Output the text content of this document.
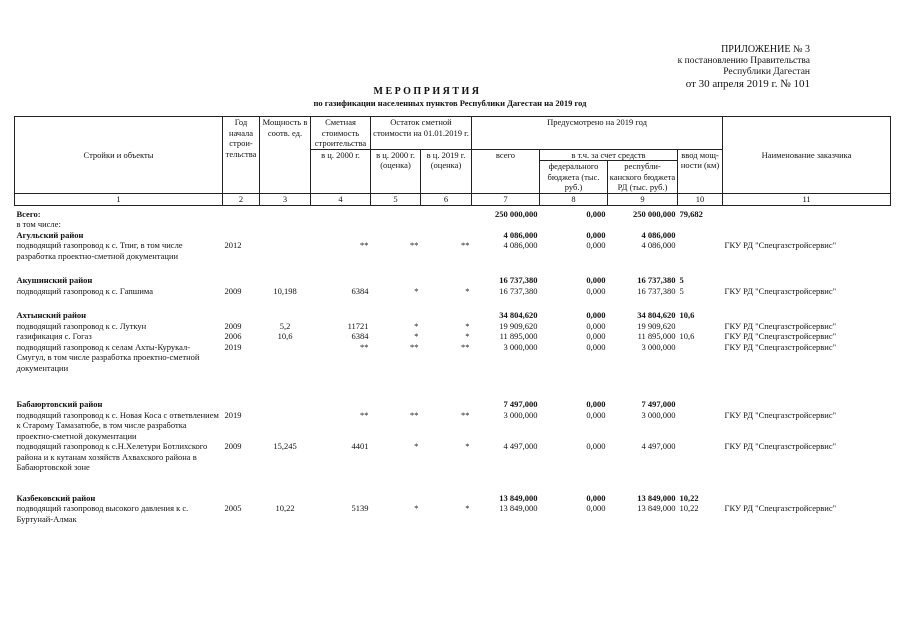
ПРИЛОЖЕНИЕ № 3
к постановлению Правительства
Республики Дагестан
от 30 апреля 2019 г. № 101
МЕРОПРИЯТИЯ
по газификации населенных пунктов Республики Дагестан на 2019 год
Стройки и объекты	Год начала строи-тельства	Мощность в соотв. ед.	Сметная стоимость строительства	Остаток сметной стоимости на 01.01.2019 г.		Предусмотрено на 2019 год				Наименование заказчика
			в ц. 2000 г.	в ц. 2000 г. (оценка)	в ц. 2019 г. (оценка)	всего	в т.ч. за счет средств		ввод мощ-ности (км)	
							федерального бюджета (тыс. руб.)	республи-канского бюджета РД (тыс. руб.)		
1	2	3	4	5	6	7	8	9	10	11

Всего:						250 000,000	0,000	250 000,000	79,682	
в том числе:										
Агульский район						4 086,000	0,000	4 086,000		
подводящий газопровод к с. Тпиг, в том числе разработка проектно-сметной документации	2012		**	**	**	4 086,000	0,000	4 086,000		ГКУ РД "Спецгазстройсервис"

Акушинский район						16 737,380	0,000	16 737,380	5	
подводящий газопровод к с. Гапшима	2009	10,198	6384	*	*	16 737,380	0,000	16 737,380	5	ГКУ РД "Спецгазстройсервис"

Ахтынский район						34 804,620	0,000	34 804,620	10,6	
подводящий газопровод к с. Луткун	2009	5,2	11721	*	*	19 909,620	0,000	19 909,620		ГКУ РД "Спецгазстройсервис"
газификация с. Гогаз	2006	10,6	6384	*	*	11 895,000	0,000	11 895,000	10,6	ГКУ РД "Спецгазстройсервис"
подводящий газопровод к селам Ахты-Курукал- Смугул, в том числе разработка проектно-сметной документации	2019		**	**	**	3 000,000	0,000	3 000,000		ГКУ РД "Спецгазстройсервис"

Бабаюртовский район						7 497,000	0,000	7 497,000		
подводящий газопровод к с. Новая Коса с ответвлением к Старому Тамазатюбе, в том числе разработка проектно-сметной документации	2019		**	**	**	3 000,000	0,000	3 000,000		ГКУ РД "Спецгазстройсервис"
подводящий газопровод к с.Н.Хелетури Ботлихского района и к кутанам хозяйств Ахвахского района в Бабаюртовской зоне	2009	15,245	4401	*	*	4 497,000	0,000	4 497,000		ГКУ РД "Спецгазстройсервис"

Казбековский район						13 849,000	0,000	13 849,000	10,22	
подводящий газопровод высокого давления к с. Буртунай-Алмак	2005	10,22	5139	*	*	13 849,000	0,000	13 849,000	10,22	ГКУ РД "Спецгазстройсервис"
